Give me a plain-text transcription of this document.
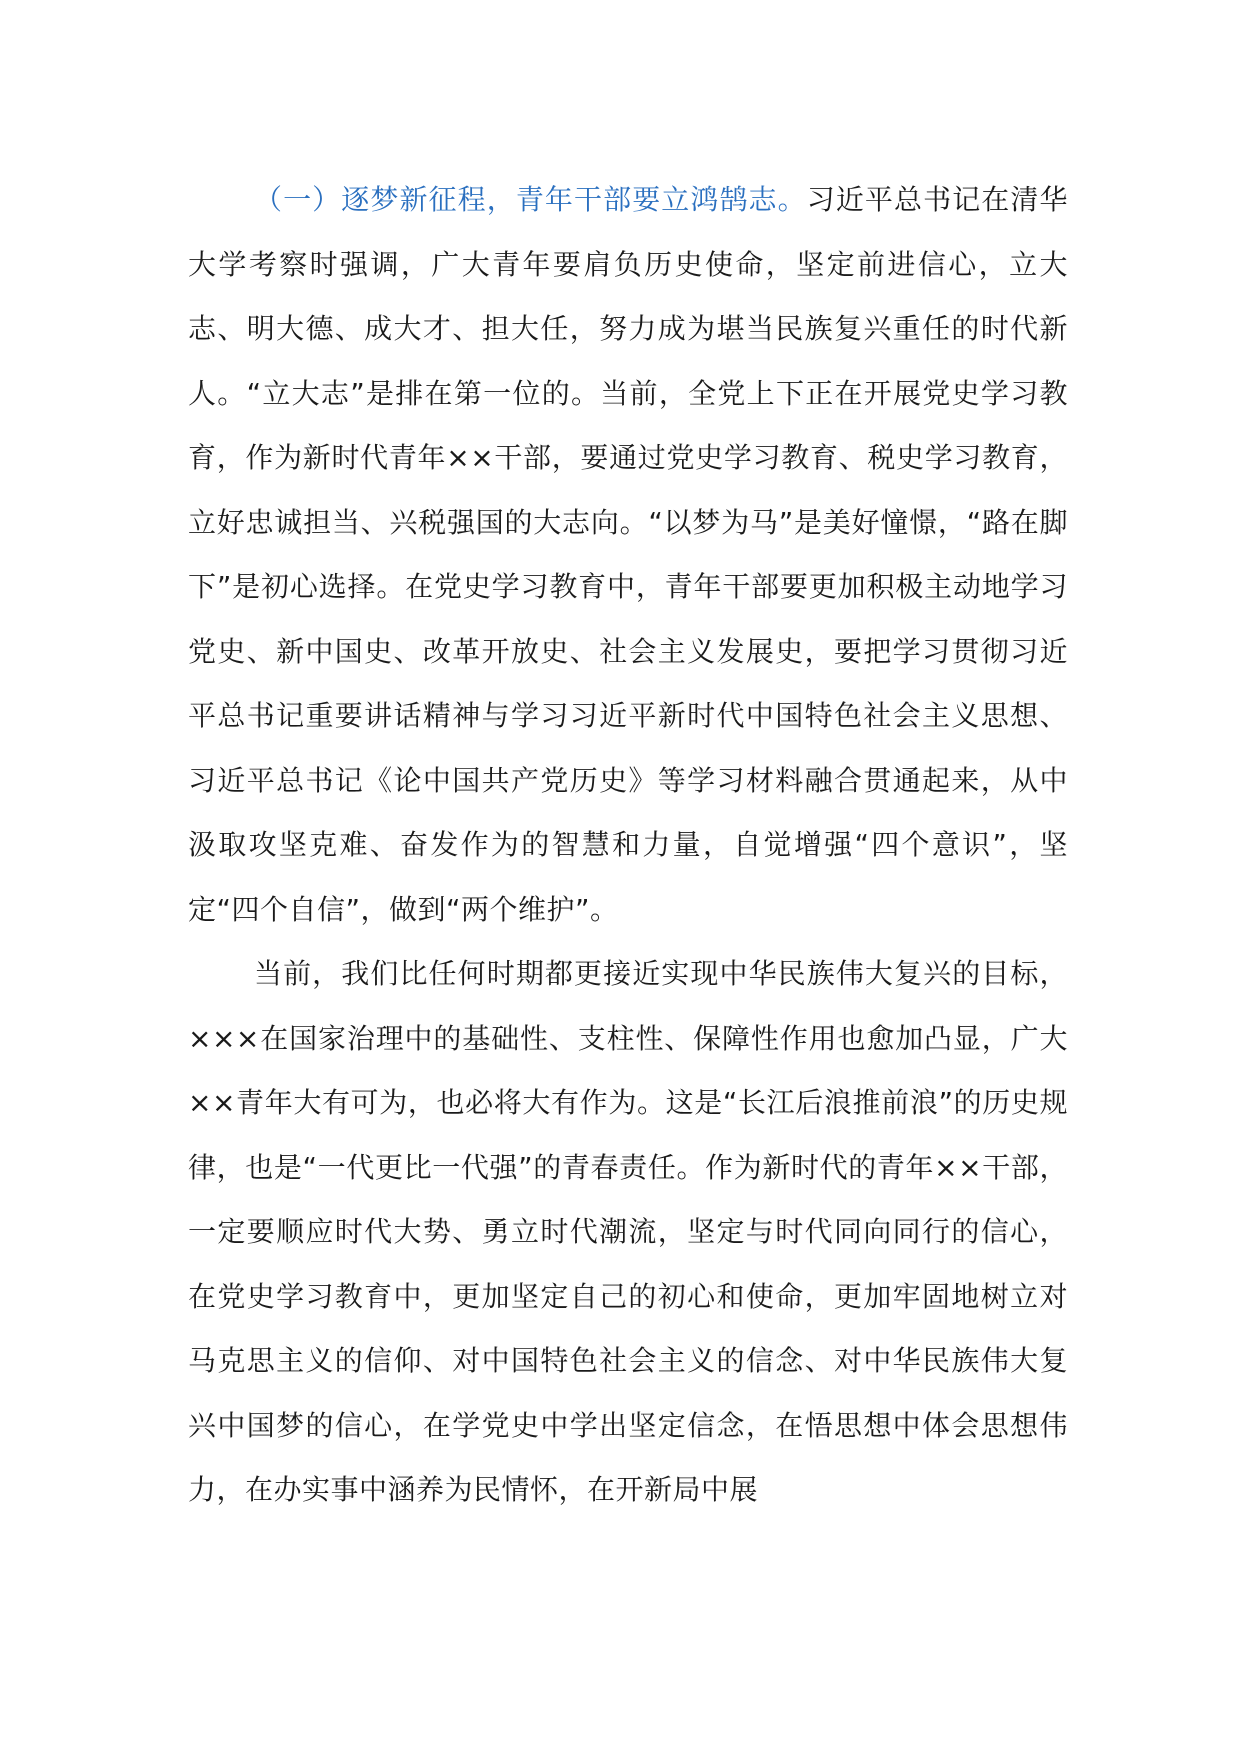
（一）逐梦新征程，青年干部要立鸿鹄志。习近平总书记在清华大学考察时强调，广大青年要肩负历史使命，坚定前进信心，立大志、明大德、成大才、担大任，努力成为堪当民族复兴重任的时代新人。“立大志”是排在第一位的。当前，全党上下正在开展党史学习教育，作为新时代青年××干部，要通过党史学习教育、税史学习教育，立好忠诚担当、兴税强国的大志向。“以梦为马”是美好憧憬，“路在脚下”是初心选择。在党史学习教育中，青年干部要更加积极主动地学习党史、新中国史、改革开放史、社会主义发展史，要把学习贯彻习近平总书记重要讲话精神与学习习近平新时代中国特色社会主义思想、习近平总书记《论中国共产党历史》等学习材料融合贯通起来，从中汲取攻坚克难、奋发作为的智慧和力量，自觉增强“四个意识”，坚定“四个自信”，做到“两个维护”。

当前，我们比任何时期都更接近实现中华民族伟大复兴的目标，×××在国家治理中的基础性、支柱性、保障性作用也愈加凸显，广大××青年大有可为，也必将大有作为。这是“长江后浪推前浪”的历史规律，也是“一代更比一代强”的青春责任。作为新时代的青年××干部，一定要顺应时代大势、勇立时代潮流，坚定与时代同向同行的信心，在党史学习教育中，更加坚定自己的初心和使命，更加牢固地树立对马克思主义的信仰、对中国特色社会主义的信念、对中华民族伟大复兴中国梦的信心，在学党史中学出坚定信念，在悟思想中体会思想伟力，在办实事中涵养为民情怀，在开新局中展
